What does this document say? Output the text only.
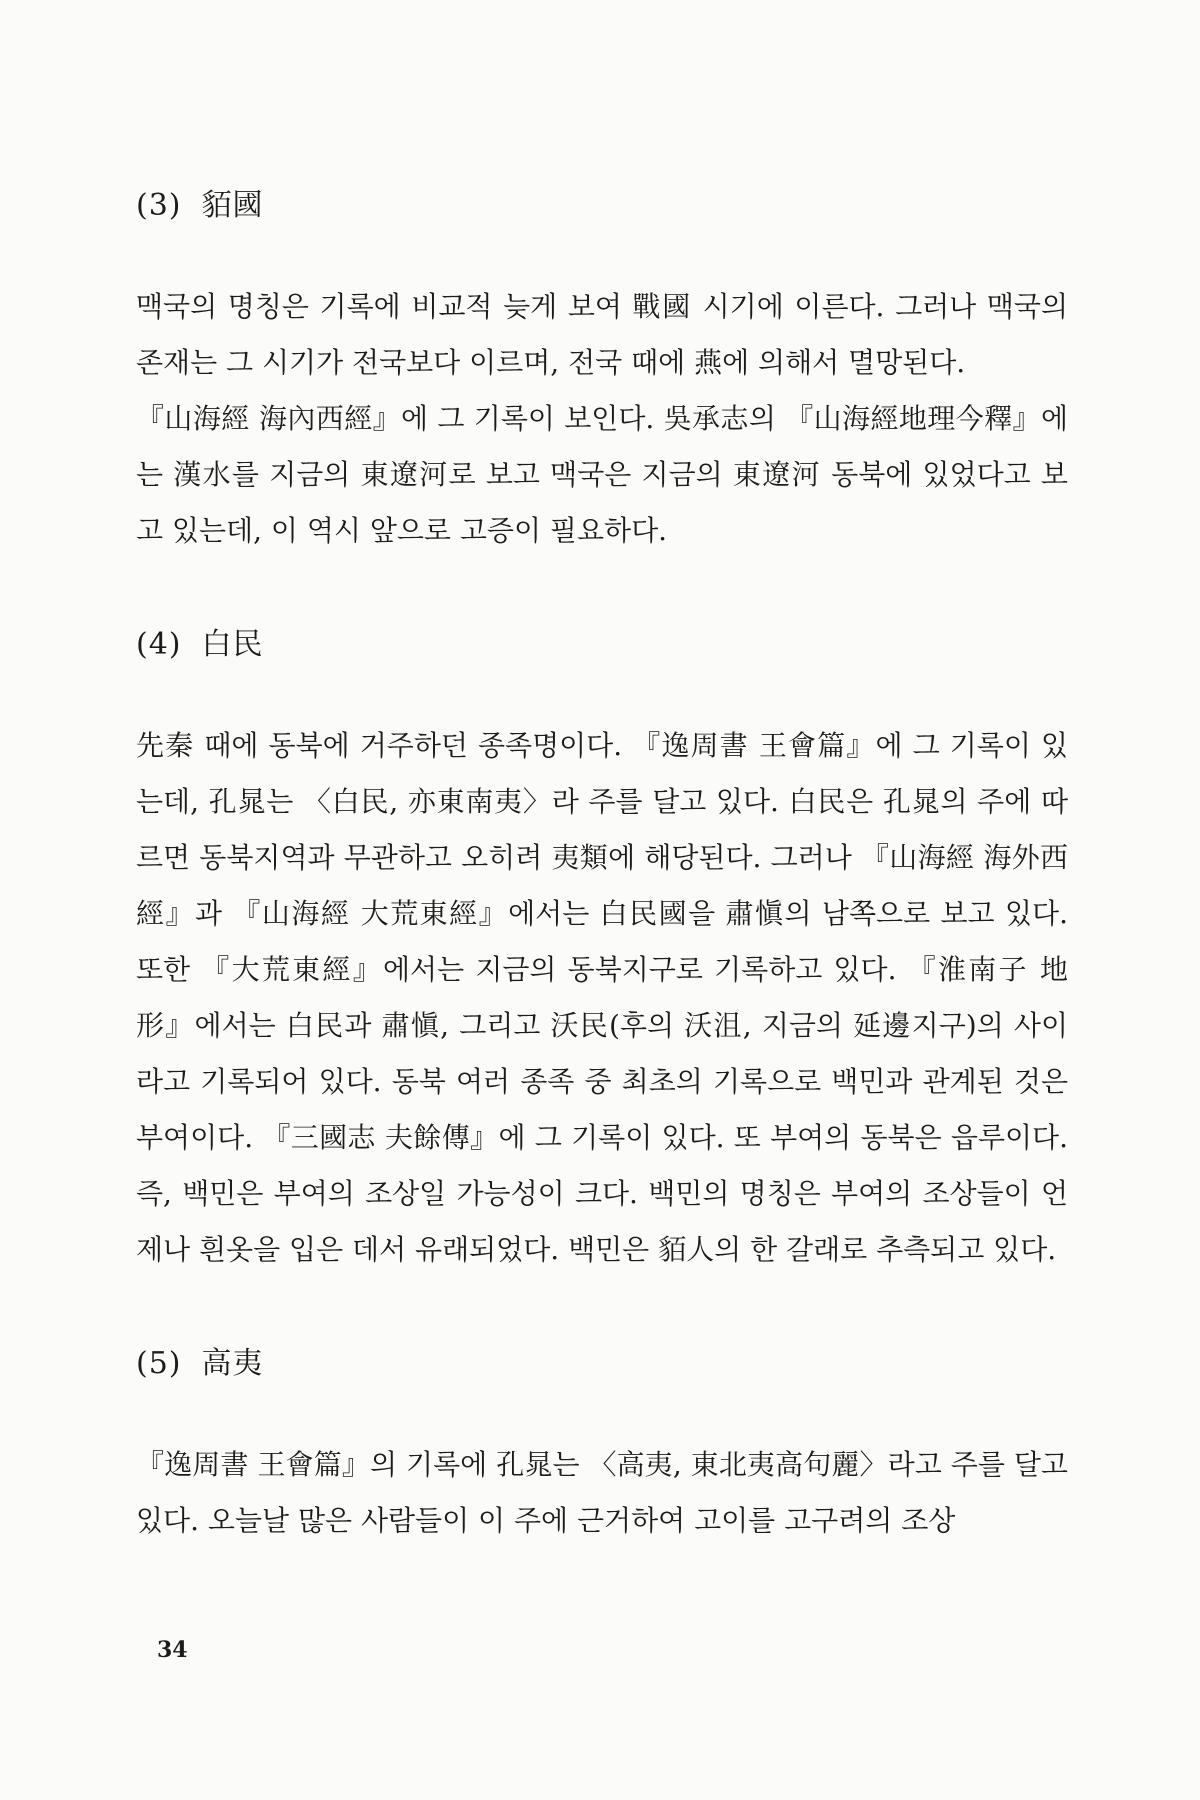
(3) 貊國

맥국의 명칭은 기록에 비교적 늦게 보여 戰國 시기에 이른다. 그러나 맥국의 존재는 그 시기가 전국보다 이르며, 전국 때에 燕에 의해서 멸망된다.

『山海經 海內西經』에 그 기록이 보인다. 吳承志의 『山海經地理今釋』에는 漢水를 지금의 東遼河로 보고 맥국은 지금의 東遼河 동북에 있었다고 보고 있는데, 이 역시 앞으로 고증이 필요하다.

(4) 白民

先秦 때에 동북에 거주하던 종족명이다. 『逸周書 王會篇』에 그 기록이 있는데, 孔晁는 〈白民, 亦東南夷〉라 주를 달고 있다. 白民은 孔晁의 주에 따르면 동북지역과 무관하고 오히려 夷類에 해당된다. 그러나 『山海經 海外西經』과 『山海經 大荒東經』에서는 白民國을 肅愼의 남쪽으로 보고 있다. 또한 『大荒東經』에서는 지금의 동북지구로 기록하고 있다. 『淮南子 地形』에서는 白民과 肅愼, 그리고 沃民(후의 沃沮, 지금의 延邊지구)의 사이라고 기록되어 있다. 동북 여러 종족 중 최초의 기록으로 백민과 관계된 것은 부여이다. 『三國志 夫餘傳』에 그 기록이 있다. 또 부여의 동북은 읍루이다. 즉, 백민은 부여의 조상일 가능성이 크다. 백민의 명칭은 부여의 조상들이 언제나 흰옷을 입은 데서 유래되었다. 백민은 貊人의 한 갈래로 추측되고 있다.

(5) 高夷

『逸周書 王會篇』의 기록에 孔晁는 〈高夷, 東北夷高句麗〉라고 주를 달고 있다. 오늘날 많은 사람들이 이 주에 근거하여 고이를 고구려의 조상

34
